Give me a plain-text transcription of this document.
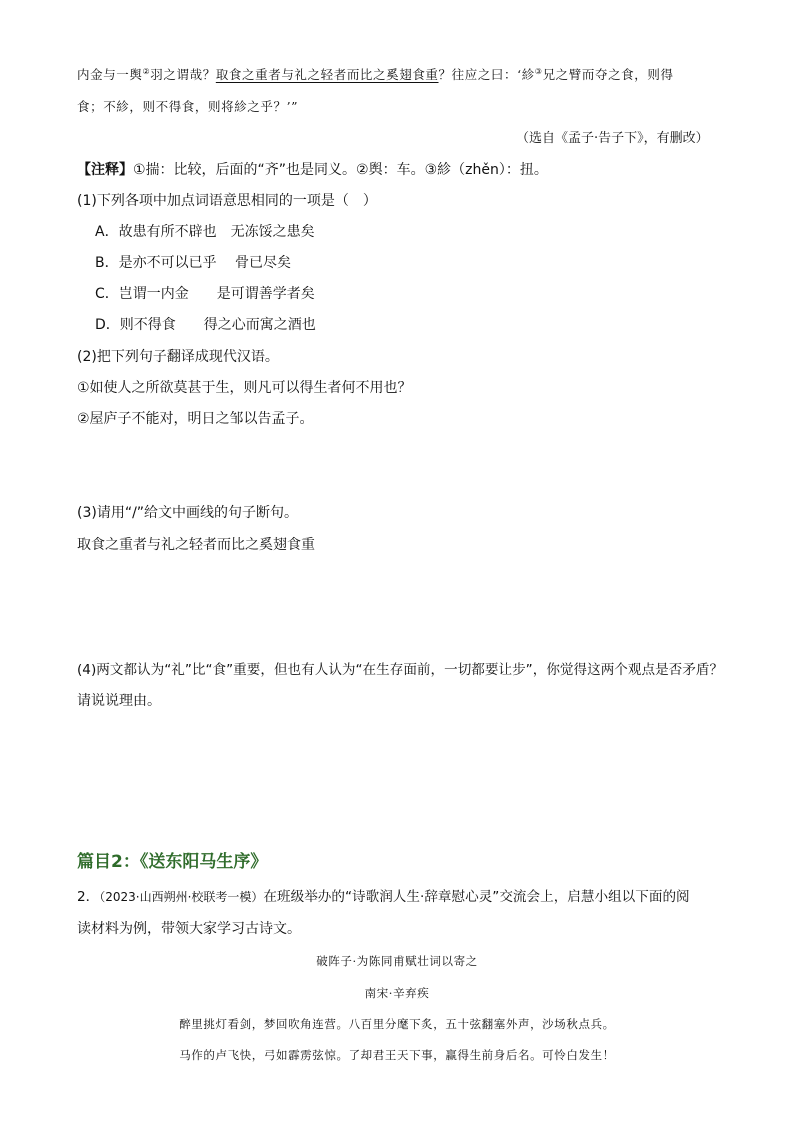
内金与一舆②羽之谓哉？取食之重者与礼之轻者而比之奚翅食重？往应之曰：‘紾③兄之臂而夺之食，则得
食；不紾，则不得食，则将紾之乎？’”
（选自《孟子·告子下》，有删改）
【注释】①揣：比较，后面的“齐”也是同义。②舆：车。③紾（zhěn）：扭。
(1)下列各项中加点词语意思相同的一项是（　）
A．故患有所不辟也　无冻馁之患矣
B．是亦不可以已乎　 骨已尽矣
C．岂谓一内金　　是可谓善学者矣
D．则不得食　　得之心而寓之酒也
(2)把下列句子翻译成现代汉语。
①如使人之所欲莫甚于生，则凡可以得生者何不用也？
②屋庐子不能对，明日之邹以告孟子。
(3)请用“/”给文中画线的句子断句。
取食之重者与礼之轻者而比之奚翅食重
(4)两文都认为“礼”比“食”重要，但也有人认为“在生存面前，一切都要让步”，你觉得这两个观点是否矛盾？
请说说理由。
篇目2：《送东阳马生序》
2．（2023·山西朔州·校联考一模）在班级举办的“诗歌润人生·辞章慰心灵”交流会上，启慧小组以下面的阅
读材料为例，带领大家学习古诗文。
破阵子·为陈同甫赋壮词以寄之
南宋·辛弃疾
醉里挑灯看剑，梦回吹角连营。八百里分麾下炙，五十弦翻塞外声，沙场秋点兵。
马作的卢飞快，弓如霹雳弦惊。了却君王天下事，赢得生前身后名。可怜白发生！
